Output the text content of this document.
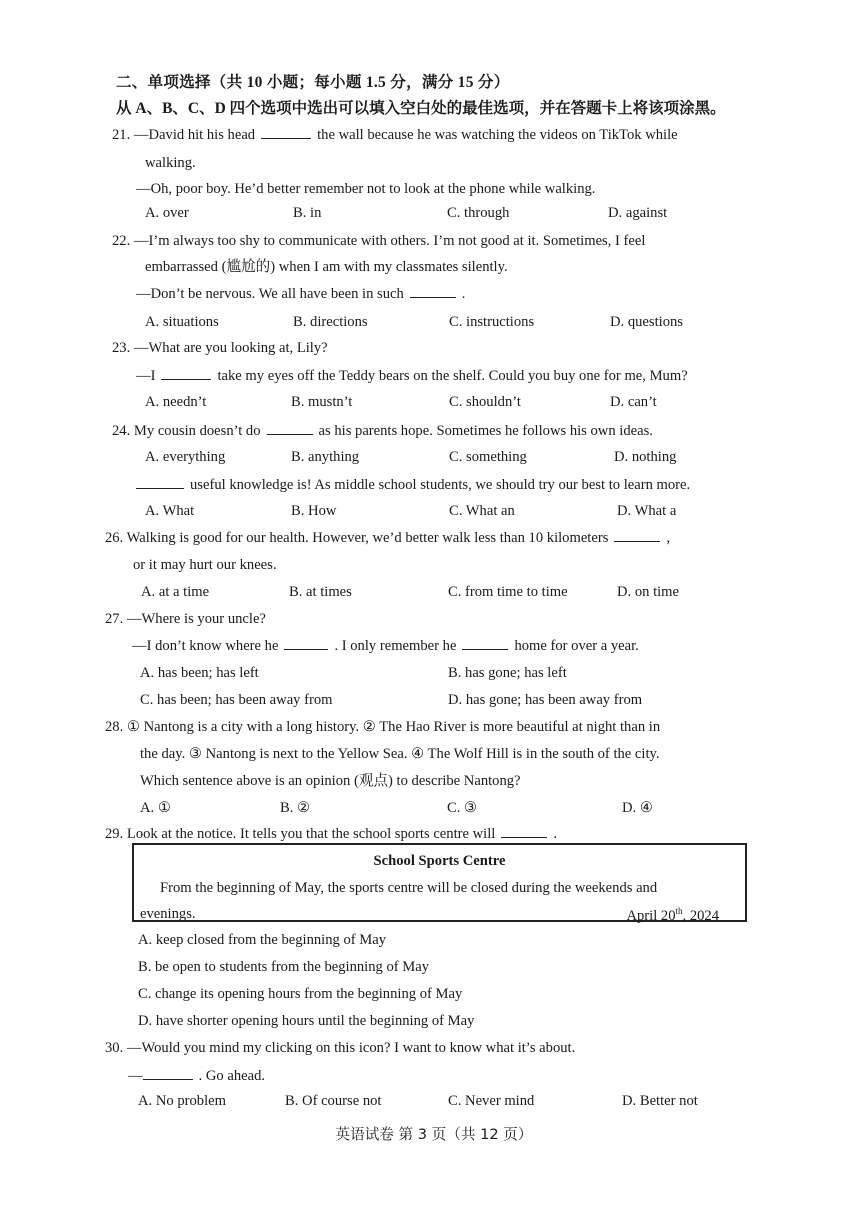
二、单项选择（共 10 小题；每小题 1.5 分，满分 15 分）
从 A、B、C、D 四个选项中选出可以填入空白处的最佳选项，并在答题卡上将该项涂黑。
21. —David hit his head	the wall because he was watching the videos on TikTok while
walking.
—Oh, poor boy. He’d better remember not to look at the phone while walking.
A. over	B. in	C. through	D. against
22. —I’m always too shy to communicate with others. I’m not good at it. Sometimes, I feel
embarrassed (尴尬的) when I am with my classmates silently.
—Don’t be nervous. We all have been in such	.
A. situations	B. directions	C. instructions	D. questions
23. —What are you looking at, Lily?
—I	take my eyes off the Teddy bears on the shelf. Could you buy one for me, Mum?
A. needn’t	B. mustn’t	C. shouldn’t	D. can’t
24. My cousin doesn’t do	as his parents hope. Sometimes he follows his own ideas.
A. everything	B. anything	C. something	D. nothing
useful knowledge is! As middle school students, we should try our best to learn more.
A. What	B. How	C. What an	D. What a
26. Walking is good for our health. However, we’d better walk less than 10 kilometers	,
or it may hurt our knees.
A. at a time	B. at times	C. from time to time	D. on time
27. —Where is your uncle?
—I don’t know where he	. I only remember he	home for over a year.
A. has been; has left	B. has gone; has left
C. has been; has been away from	D. has gone; has been away from
28. ① Nantong is a city with a long history. ② The Hao River is more beautiful at night than in
the day. ③ Nantong is next to the Yellow Sea. ④ The Wolf Hill is in the south of the city.
Which sentence above is an opinion (观点) to describe Nantong?
A. ①	B. ②	C. ③	D. ④
29. Look at the notice. It tells you that the school sports centre will	.
School Sports Centre
From the beginning of May, the sports centre will be closed during the weekends and
evenings.	April 20th, 2024
A. keep closed from the beginning of May
B. be open to students from the beginning of May
C. change its opening hours from the beginning of May
D. have shorter opening hours until the beginning of May
30. —Would you mind my clicking on this icon? I want to know what it’s about.
—	. Go ahead.
A. No problem	B. Of course not	C. Never mind	D. Better not
英语试卷 第 3 页（共 12 页）
